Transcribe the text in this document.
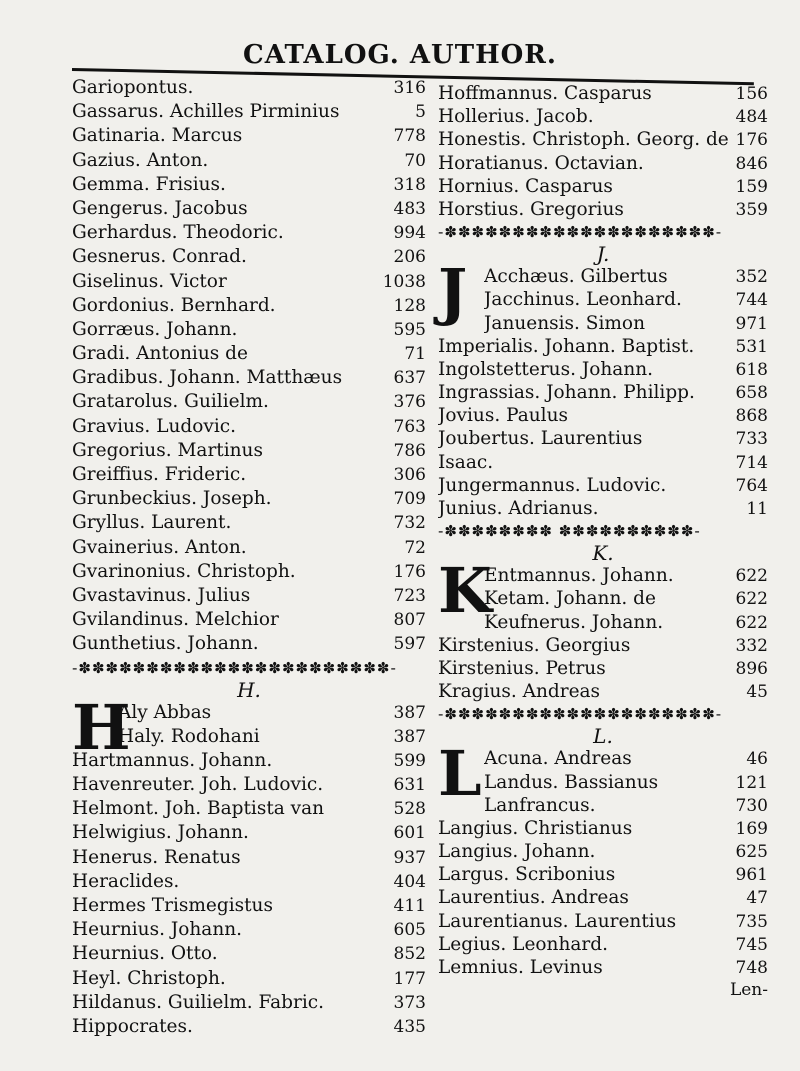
CATALOG. AUTHOR.
Gariopontus.	316
Gassarus. Achilles Pirminius	5
Gatinaria. Marcus	778
Gazius. Anton.	70
Gemma. Frisius.	318
Gengerus. Jacobus	483
Gerhardus. Theodoric.	994
Gesnerus. Conrad.	206
Giselinus. Victor	1038
Gordonius. Bernhard.	128
Gorræus. Johann.	595
Gradi. Antonius de	71
Gradibus. Johann. Matthæus	637
Gratarolus. Guilielm.	376
Gravius. Ludovic.	763
Gregorius. Martinus	786
Greiffius. Frideric.	306
Grunbeckius. Joseph.	709
Gryllus. Laurent.	732
Gvainerius. Anton.	72
Gvarinonius. Christoph.	176
Gvastavinus. Julius	723
Gvilandinus. Melchior	807
Gunthetius. Johann.	597
-✽✽✽✽✽✽✽✽✽✽✽✽✽✽✽✽✽✽✽✽✽✽✽-
H.
H
Aly Abbas	387
Haly. Rodohani	387
Hartmannus. Johann.	599
Havenreuter. Joh. Ludovic.	631
Helmont. Joh. Baptista van	528
Helwigius. Johann.	601
Henerus. Renatus	937
Heraclides.	404
Hermes Trismegistus	411
Heurnius. Johann.	605
Heurnius. Otto.	852
Heyl. Christoph.	177
Hildanus. Guilielm. Fabric.	373
Hippocrates.	435
Hoffmannus. Casparus	156
Hollerius. Jacob.	484
Honestis. Christoph. Georg. de 176
Horatianus. Octavian.	846
Hornius. Casparus	159
Horstius. Gregorius	359
-✽✽✽✽✽✽✽✽✽✽✽✽✽✽✽✽✽✽✽✽-
J.
J Acchæus. Gilbertus	352
Jacchinus. Leonhard.	744
Januensis. Simon	971
Imperialis. Johann. Baptist. 531
Ingolstetterus. Johann.	618
Ingrassias. Johann. Philipp. 658
Jovius. Paulus	868
Joubertus. Laurentius	733
Isaac.	714
Jungermannus. Ludovic.	764
Junius. Adrianus.	11
-✽✽✽✽✽✽✽✽ ✽✽✽✽✽✽✽✽✽✽-
K.
K
Entmannus. Johann.	622
Ketam. Johann. de	622
Keufnerus. Johann.	622
Kirstenius. Georgius	332
Kirstenius. Petrus	896
Kragius. Andreas	45
-✽✽✽✽✽✽✽✽✽✽✽✽✽✽✽✽✽✽✽✽-
L.
L Acuna. Andreas	46
Landus. Bassianus	121
Lanfrancus.	730
Langius. Christianus	169
Langius. Johann.	625
Largus. Scribonius	961
Laurentius. Andreas	47
Laurentianus. Laurentius	735
Legius. Leonhard.	745
Lemnius. Levinus	748
Len-
